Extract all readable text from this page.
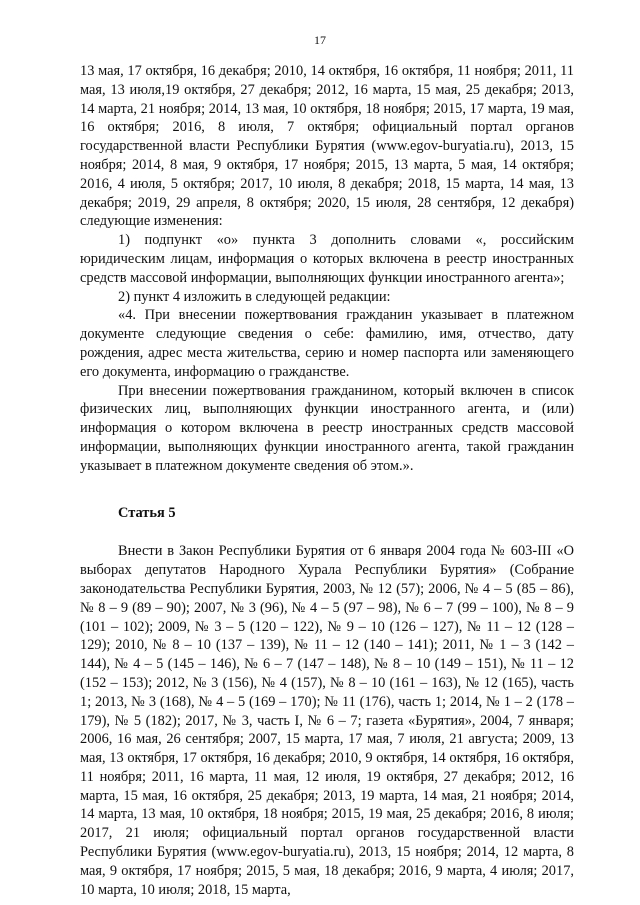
17

13 мая, 17 октября, 16 декабря; 2010, 14 октября, 16 октября, 11 ноября; 2011, 11 мая, 13 июля,19 октября, 27 декабря; 2012, 16 марта, 15 мая, 25 декабря; 2013, 14 марта, 21 ноября; 2014, 13 мая, 10 октября, 18 ноября; 2015, 17 марта, 19 мая, 16 октября; 2016, 8 июля, 7 октября; официальный портал органов государственной власти Республики Бурятия (www.egov-buryatia.ru), 2013, 15 ноября; 2014, 8 мая, 9 октября, 17 ноября; 2015, 13 марта, 5 мая, 14 октября; 2016, 4 июля, 5 октября; 2017, 10 июля, 8 декабря; 2018, 15 марта, 14 мая, 13 декабря; 2019, 29 апреля, 8 октября; 2020, 15 июля, 28 сентября, 12 декабря) следующие изменения:

1) подпункт «о» пункта 3 дополнить словами «, российским юридическим лицам, информация о которых включена в реестр иностранных средств массовой информации, выполняющих функции иностранного агента»;

2) пункт 4 изложить в следующей редакции:

«4. При внесении пожертвования гражданин указывает в платежном документе следующие сведения о себе: фамилию, имя, отчество, дату рождения, адрес места жительства, серию и номер паспорта или заменяющего его документа, информацию о гражданстве.

При внесении пожертвования гражданином, который включен в список физических лиц, выполняющих функции иностранного агента, и (или) информация о котором включена в реестр иностранных средств массовой информации, выполняющих функции иностранного агента, такой гражданин указывает в платежном документе сведения об этом.».

Статья 5

Внести в Закон Республики Бурятия от 6 января 2004 года № 603-III «О выборах депутатов Народного Хурала Республики Бурятия» (Собрание законодательства Республики Бурятия, 2003, № 12 (57); 2006, № 4 – 5 (85 – 86), № 8 – 9 (89 – 90); 2007, № 3 (96), № 4 – 5 (97 – 98), № 6 – 7 (99 – 100), № 8 – 9 (101 – 102); 2009, № 3 – 5 (120 – 122), № 9 – 10 (126 – 127), № 11 – 12 (128 – 129); 2010, № 8 – 10 (137 – 139), № 11 – 12 (140 – 141); 2011, № 1 – 3 (142 – 144), № 4 – 5 (145 – 146), № 6 – 7 (147 – 148), № 8 – 10 (149 – 151), № 11 – 12 (152 – 153); 2012, № 3 (156), № 4 (157), № 8 – 10 (161 – 163), № 12 (165), часть 1; 2013, № 3 (168), № 4 – 5 (169 – 170); № 11 (176), часть 1; 2014, № 1 – 2 (178 – 179), № 5 (182); 2017, № 3, часть I, № 6 – 7; газета «Бурятия», 2004, 7 января; 2006, 16 мая, 26 сентября; 2007, 15 марта, 17 мая, 7 июля, 21 августа; 2009, 13 мая, 13 октября, 17 октября, 16 декабря; 2010, 9 октября, 14 октября, 16 октября, 11 ноября; 2011, 16 марта, 11 мая, 12 июля, 19 октября, 27 декабря; 2012, 16 марта, 15 мая, 16 октября, 25 декабря; 2013, 19 марта, 14 мая, 21 ноября; 2014, 14 марта, 13 мая, 10 октября, 18 ноября; 2015, 19 мая, 25 декабря; 2016, 8 июля; 2017, 21 июля; официальный портал органов государственной власти Республики Бурятия (www.egov-buryatia.ru), 2013, 15 ноября; 2014, 12 марта, 8 мая, 9 октября, 17 ноября; 2015, 5 мая, 18 декабря; 2016, 9 марта, 4 июля; 2017, 10 марта, 10 июля; 2018, 15 марта,
